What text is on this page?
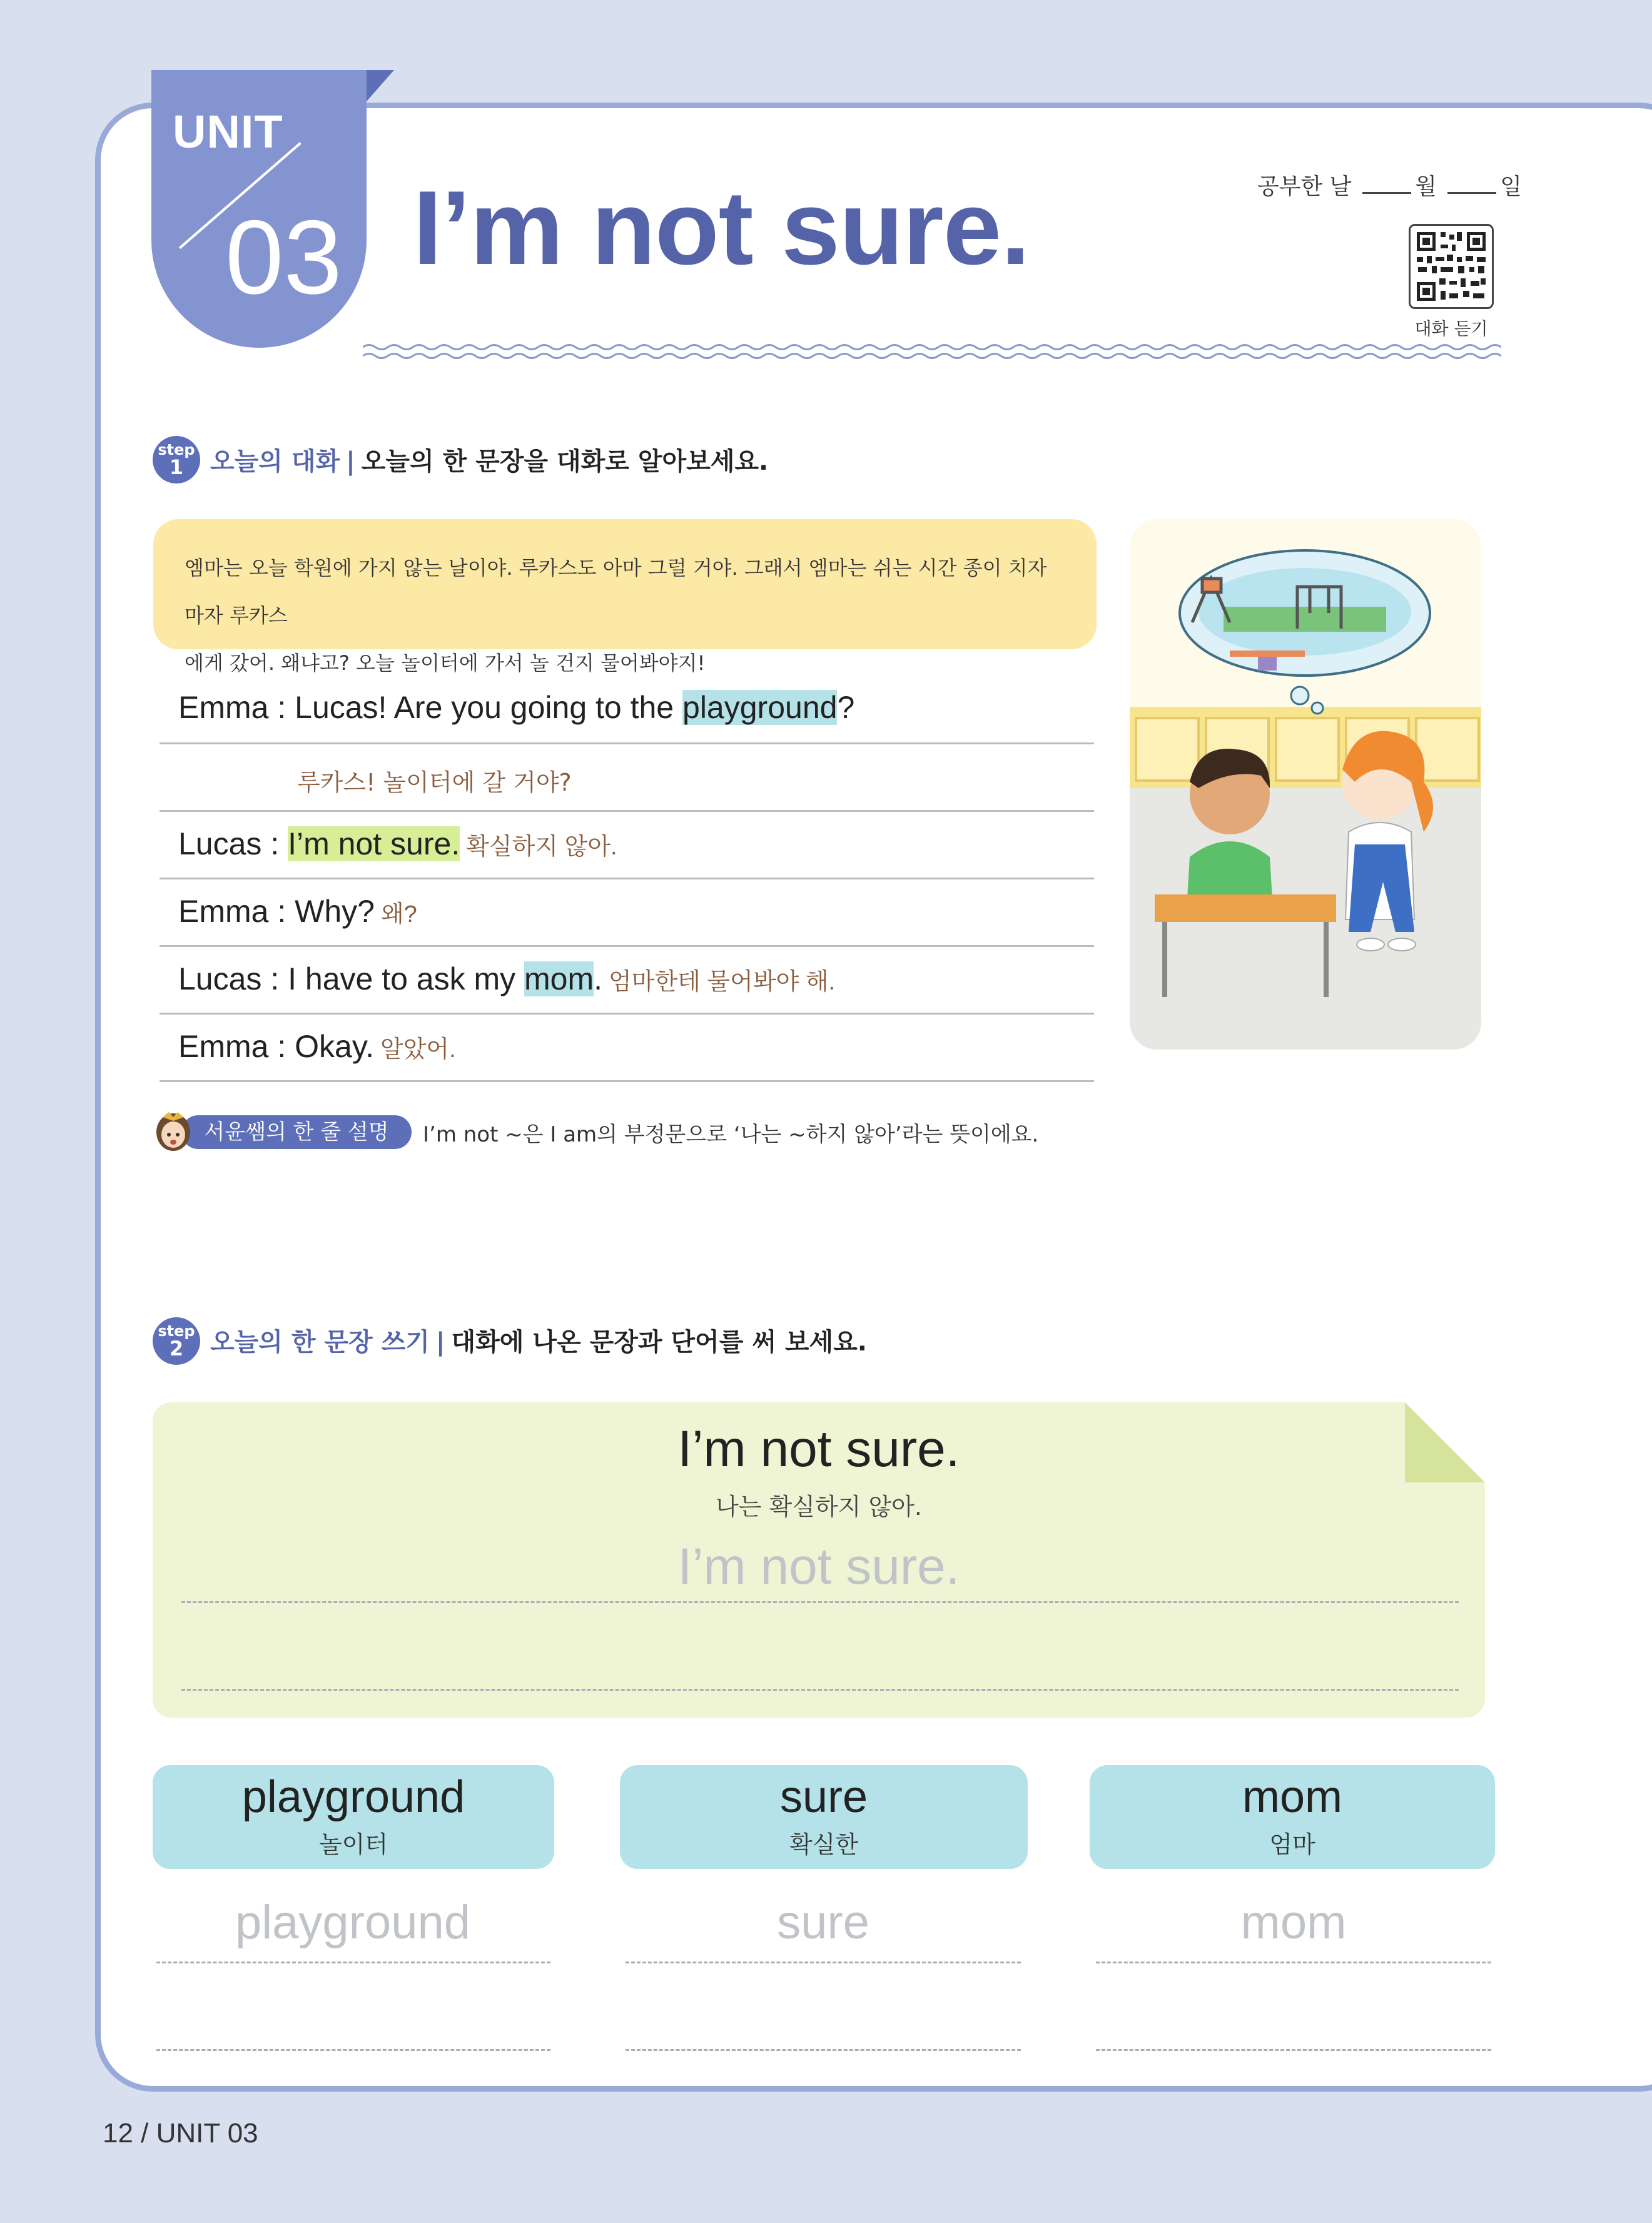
UNIT
03 I’m not sure.	공부한 날	월	일
대화 듣기
step
1	오늘의 대화 | 오늘의 한 문장을 대화로 알아보세요.
엠마는 오늘 학원에 가지 않는 날이야. 루카스도 아마 그럴 거야. 그래서 엠마는 쉬는 시간 종이 치자마자 루카스
에게 갔어. 왜냐고? 오늘 놀이터에 가서 놀 건지 물어봐야지!
Emma : Lucas! Are you going to the playground?
루카스! 놀이터에 갈 거야?
Lucas : I’m not sure. 확실하지 않아.
Emma : Why? 왜?
Lucas : I have to ask my mom. 엄마한테 물어봐야 해.
Emma : Okay. 알았어.
서윤쌤의 한 줄 설명	I’m not ~은 I am의 부정문으로 ‘나는 ~하지 않아’라는 뜻이에요.
step
2	오늘의 한 문장 쓰기 | 대화에 나온 문장과 단어를 써 보세요.
I’m not sure.
나는 확실하지 않아.
I’m not sure.
playground
놀이터
sure
확실한
mom
엄마
playground	sure	mom
12 / UNIT 03
